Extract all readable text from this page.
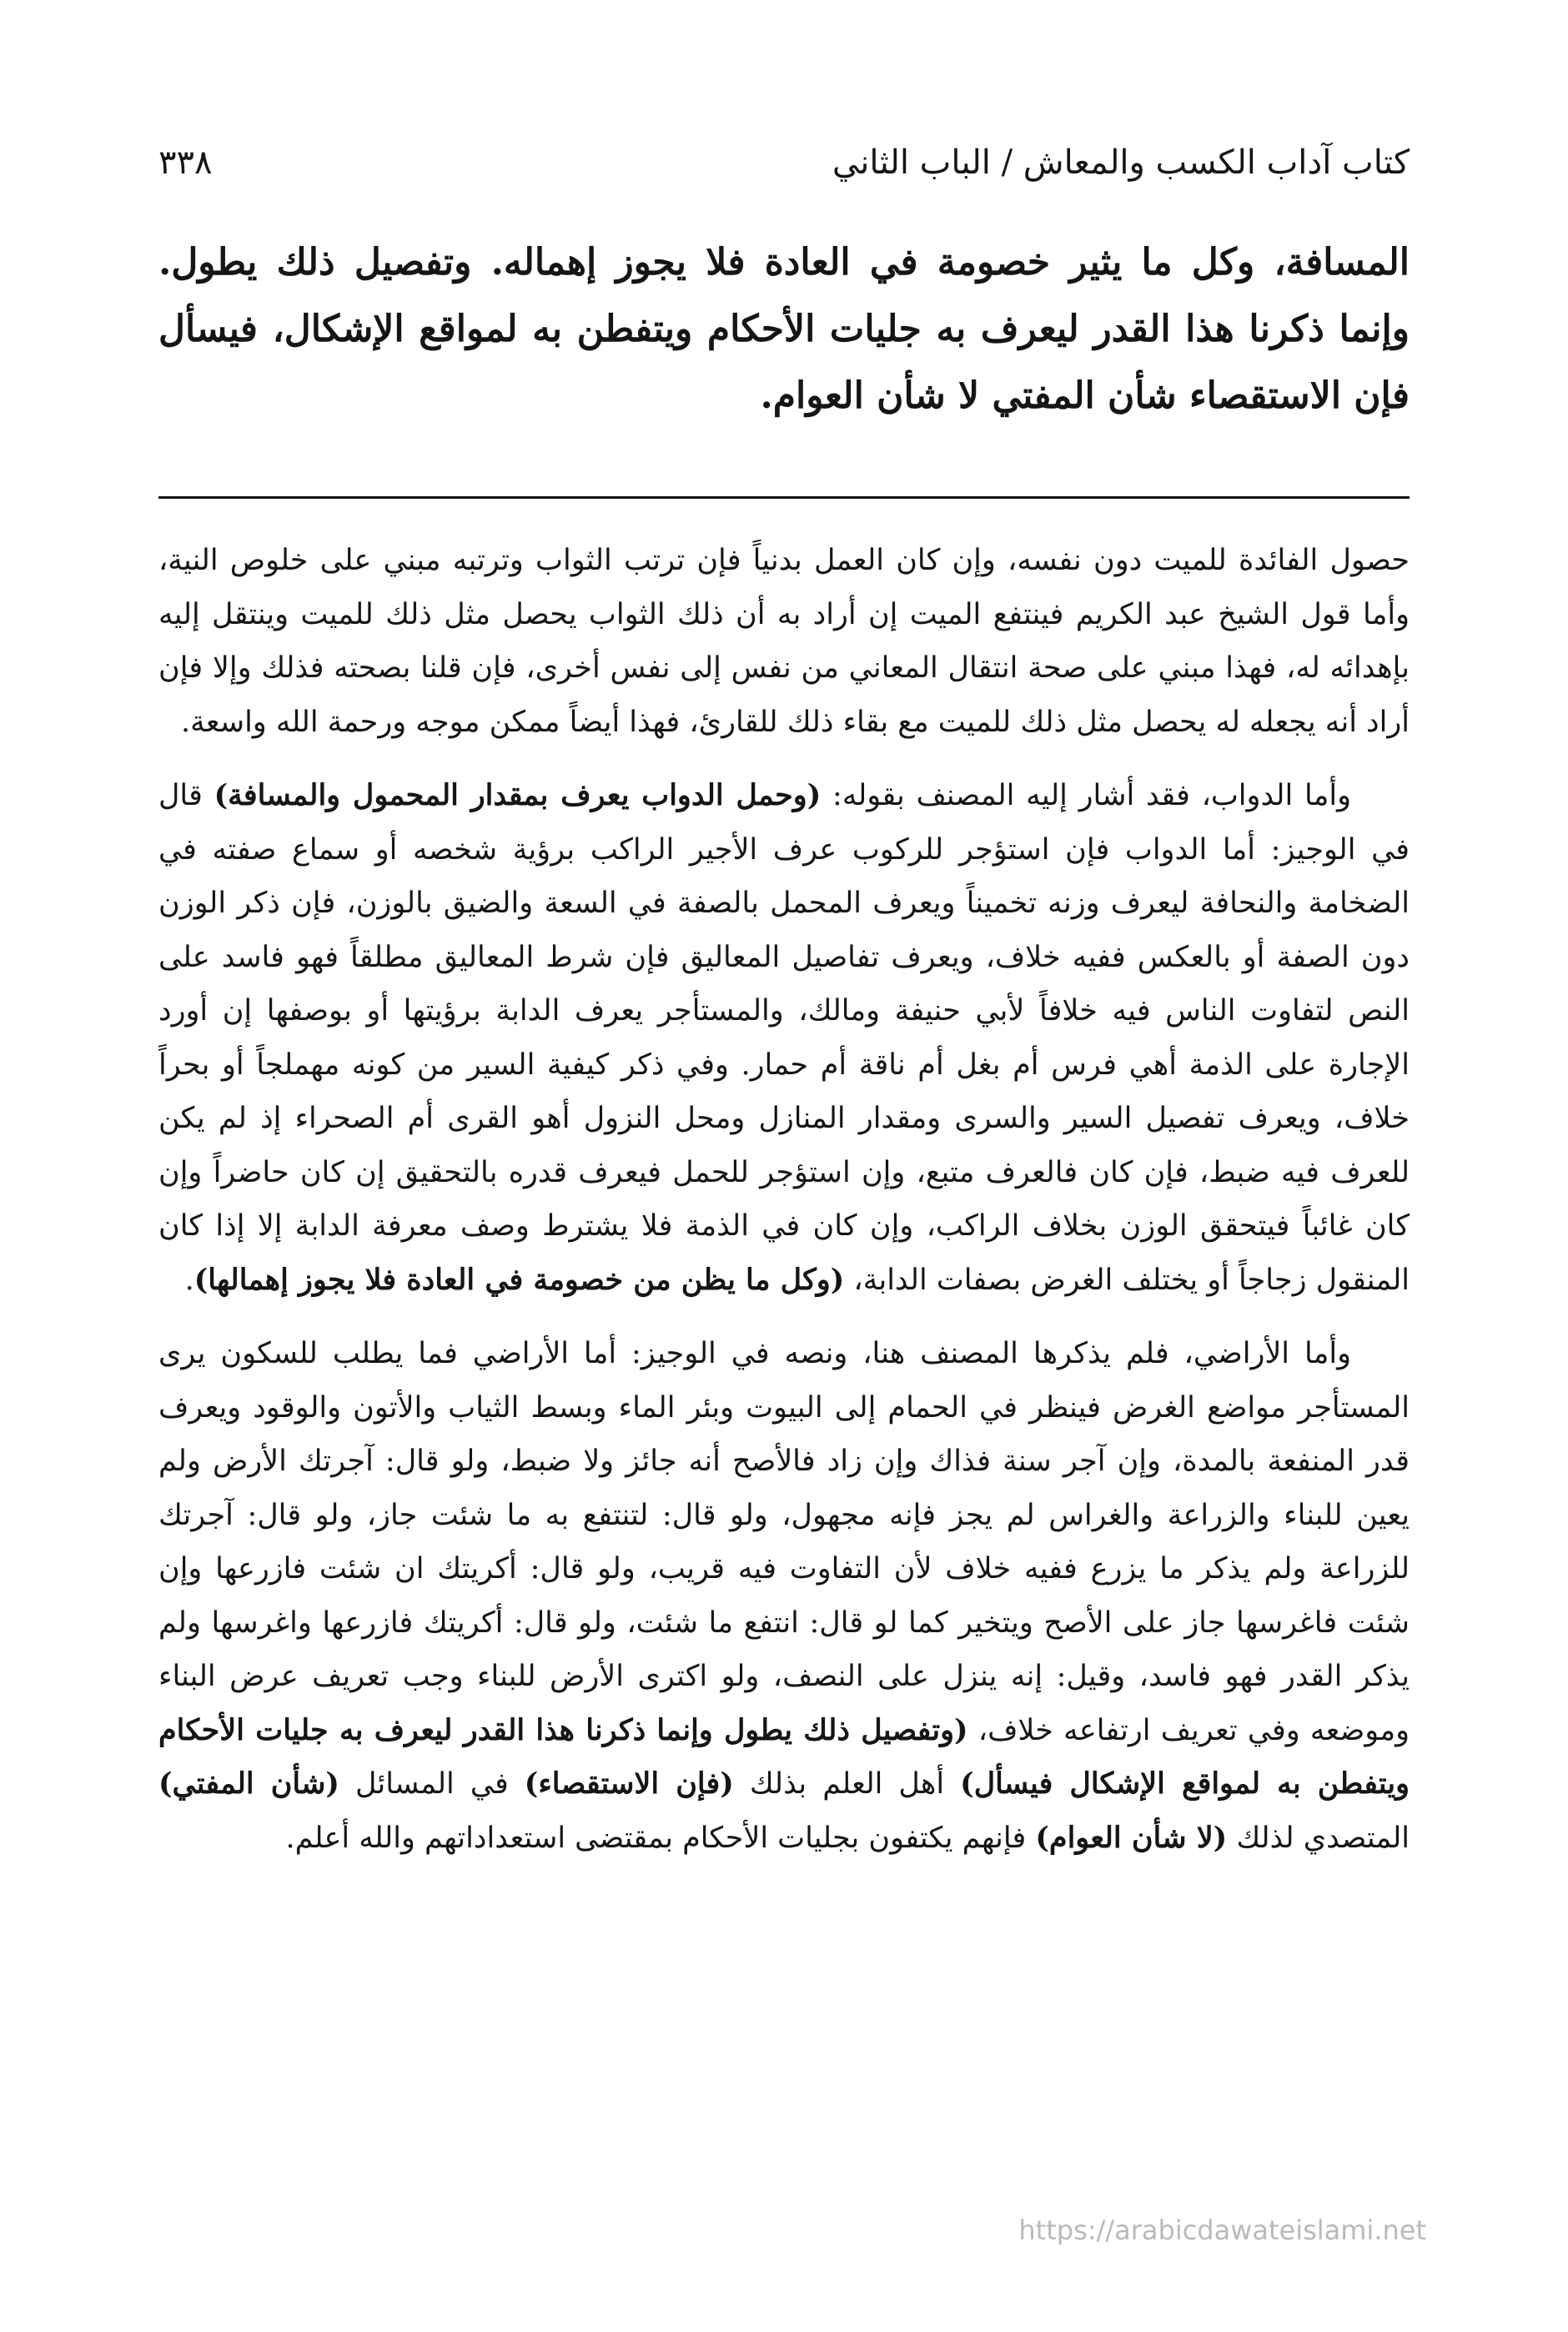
٣٣٨	كتاب آداب الكسب والمعاش / الباب الثاني
المسافة، وكل ما يثير خصومة في العادة فلا يجوز إهماله. وتفصيل ذلك يطول. وإنما ذكرنا هذا القدر ليعرف به جليات الأحكام ويتفطن به لمواقع الإشكال، فيسأل فإن الاستقصاء شأن المفتي لا شأن العوام.

حصول الفائدة للميت دون نفسه، وإن كان العمل بدنياً فإن ترتب الثواب وترتبه مبني على خلوص النية، وأما قول الشيخ عبد الكريم فينتفع الميت إن أراد به أن ذلك الثواب يحصل مثل ذلك للميت وينتقل إليه بإهدائه له، فهذا مبني على صحة انتقال المعاني من نفس إلى نفس أخرى، فإن قلنا بصحته فذلك وإلا فإن أراد أنه يجعله له يحصل مثل ذلك للميت مع بقاء ذلك للقارئ، فهذا أيضاً ممكن موجه ورحمة الله واسعة.

وأما الدواب، فقد أشار إليه المصنف بقوله: (وحمل الدواب يعرف بمقدار المحمول والمسافة) قال في الوجيز: أما الدواب فإن استؤجر للركوب عرف الأجير الراكب برؤية شخصه أو سماع صفته في الضخامة والنحافة ليعرف وزنه تخميناً ويعرف المحمل بالصفة في السعة والضيق بالوزن، فإن ذكر الوزن دون الصفة أو بالعكس ففيه خلاف، ويعرف تفاصيل المعاليق فإن شرط المعاليق مطلقاً فهو فاسد على النص لتفاوت الناس فيه خلافاً لأبي حنيفة ومالك، والمستأجر يعرف الدابة برؤيتها أو بوصفها إن أورد الإجارة على الذمة أهي فرس أم بغل أم ناقة أم حمار. وفي ذكر كيفية السير من كونه مهملجاً أو بحراً خلاف، ويعرف تفصيل السير والسرى ومقدار المنازل ومحل النزول أهو القرى أم الصحراء إذ لم يكن للعرف فيه ضبط، فإن كان فالعرف متبع، وإن استؤجر للحمل فيعرف قدره بالتحقيق إن كان حاضراً وإن كان غائباً فيتحقق الوزن بخلاف الراكب، وإن كان في الذمة فلا يشترط وصف معرفة الدابة إلا إذا كان المنقول زجاجاً أو يختلف الغرض بصفات الدابة، (وكل ما يظن من خصومة في العادة فلا يجوز إهمالها).

وأما الأراضي، فلم يذكرها المصنف هنا، ونصه في الوجيز: أما الأراضي فما يطلب للسكون يرى المستأجر مواضع الغرض فينظر في الحمام إلى البيوت وبئر الماء وبسط الثياب والأتون والوقود ويعرف قدر المنفعة بالمدة، وإن آجر سنة فذاك وإن زاد فالأصح أنه جائز ولا ضبط، ولو قال: آجرتك الأرض ولم يعين للبناء والزراعة والغراس لم يجز فإنه مجهول، ولو قال: لتنتفع به ما شئت جاز، ولو قال: آجرتك للزراعة ولم يذكر ما يزرع ففيه خلاف لأن التفاوت فيه قريب، ولو قال: أكريتك ان شئت فازرعها وإن شئت فاغرسها جاز على الأصح ويتخير كما لو قال: انتفع ما شئت، ولو قال: أكريتك فازرعها واغرسها ولم يذكر القدر فهو فاسد، وقيل: إنه ينزل على النصف، ولو اكترى الأرض للبناء وجب تعريف عرض البناء وموضعه وفي تعريف ارتفاعه خلاف، (وتفصيل ذلك يطول وإنما ذكرنا هذا القدر ليعرف به جليات الأحكام ويتفطن به لمواقع الإشكال فيسأل) أهل العلم بذلك (فإن الاستقصاء) في المسائل (شأن المفتي) المتصدي لذلك (لا شأن العوام) فإنهم يكتفون بجليات الأحكام بمقتضى استعداداتهم والله أعلم.

https://arabicdawateislami.net
